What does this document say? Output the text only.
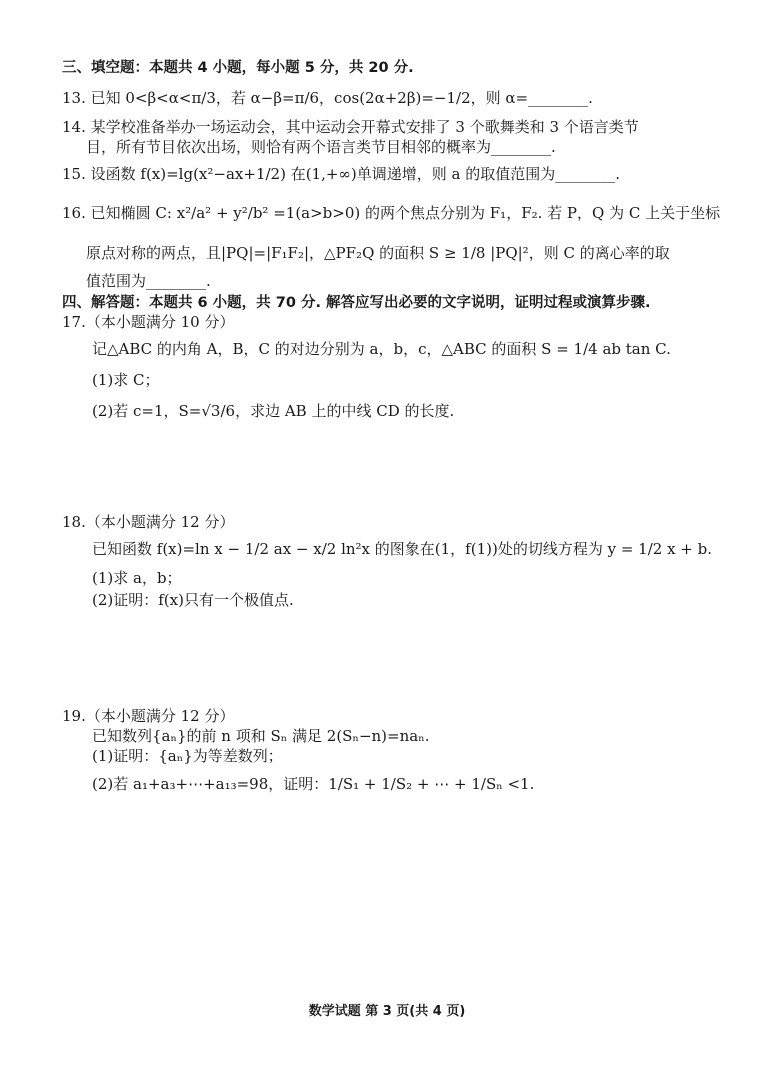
三、填空题：本题共 4 小题，每小题 5 分，共 20 分.
13. 已知 0<β<α<π/3，若 α−β=π/6，cos(2α+2β)=−1/2，则 α=________.
14. 某学校准备举办一场运动会，其中运动会开幕式安排了 3 个歌舞类和 3 个语言类节
目，所有节目依次出场，则恰有两个语言类节目相邻的概率为________.
15. 设函数 f(x)=lg(x²−ax+1/2) 在(1,+∞)单调递增，则 a 的取值范围为________.
16. 已知椭圆 C: x²/a² + y²/b² =1(a>b>0) 的两个焦点分别为 F₁，F₂. 若 P，Q 为 C 上关于坐标
原点对称的两点，且|PQ|=|F₁F₂|，△PF₂Q 的面积 S ≥ 1/8 |PQ|²，则 C 的离心率的取
值范围为________.
四、解答题：本题共 6 小题，共 70 分. 解答应写出必要的文字说明，证明过程或演算步骤.
17.（本小题满分 10 分）
记△ABC 的内角 A，B，C 的对边分别为 a，b，c，△ABC 的面积 S = 1/4 ab tan C.
(1)求 C；
(2)若 c=1，S=√3/6，求边 AB 上的中线 CD 的长度.
18.（本小题满分 12 分）
已知函数 f(x)=ln x − 1/2 ax − x/2 ln²x 的图象在(1，f(1))处的切线方程为 y = 1/2 x + b.
(1)求 a，b；
(2)证明：f(x)只有一个极值点.
19.（本小题满分 12 分）
已知数列{aₙ}的前 n 项和 Sₙ 满足 2(Sₙ−n)=naₙ.
(1)证明：{aₙ}为等差数列；
(2)若 a₁+a₃+⋯+a₁₃=98，证明：1/S₁ + 1/S₂ + ⋯ + 1/Sₙ <1.
数学试题 第 3 页(共 4 页)
